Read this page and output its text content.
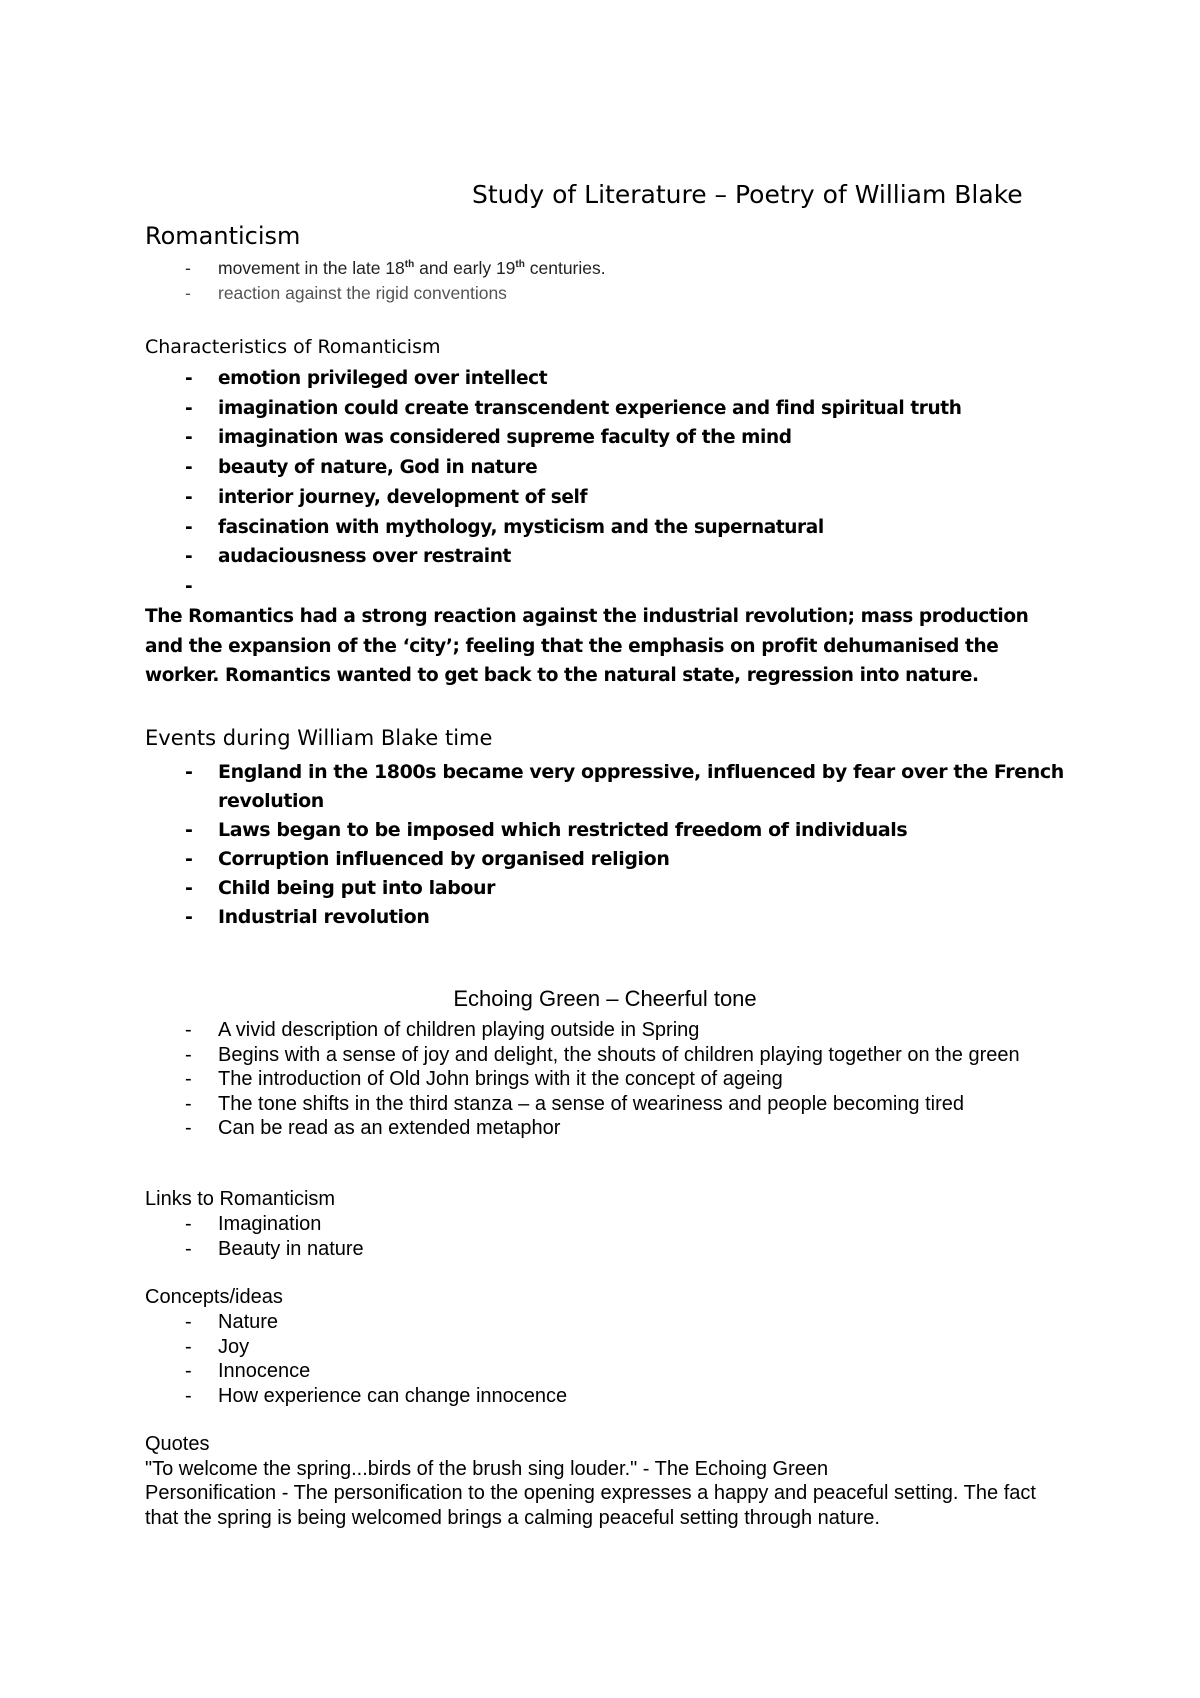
Study of Literature – Poetry of William Blake
Romanticism
- movement in the late 18th and early 19th centuries.
- reaction against the rigid conventions
Characteristics of Romanticism
- emotion privileged over intellect
- imagination could create transcendent experience and find spiritual truth
- imagination was considered supreme faculty of the mind
- beauty of nature, God in nature
- interior journey, development of self
- fascination with mythology, mysticism and the supernatural
- audaciousness over restraint
-
The Romantics had a strong reaction against the industrial revolution; mass production and the expansion of the ‘city’; feeling that the emphasis on profit dehumanised the worker. Romantics wanted to get back to the natural state, regression into nature.
Events during William Blake time
- England in the 1800s became very oppressive, influenced by fear over the French revolution
- Laws began to be imposed which restricted freedom of individuals
- Corruption influenced by organised religion
- Child being put into labour
- Industrial revolution
Echoing Green – Cheerful tone
- A vivid description of children playing outside in Spring
- Begins with a sense of joy and delight, the shouts of children playing together on the green
- The introduction of Old John brings with it the concept of ageing
- The tone shifts in the third stanza – a sense of weariness and people becoming tired
- Can be read as an extended metaphor
Links to Romanticism
- Imagination
- Beauty in nature
Concepts/ideas
- Nature
- Joy
- Innocence
- How experience can change innocence
Quotes
"To welcome the spring...birds of the brush sing louder." - The Echoing Green
Personification - The personification to the opening expresses a happy and peaceful setting. The fact that the spring is being welcomed brings a calming peaceful setting through nature.
